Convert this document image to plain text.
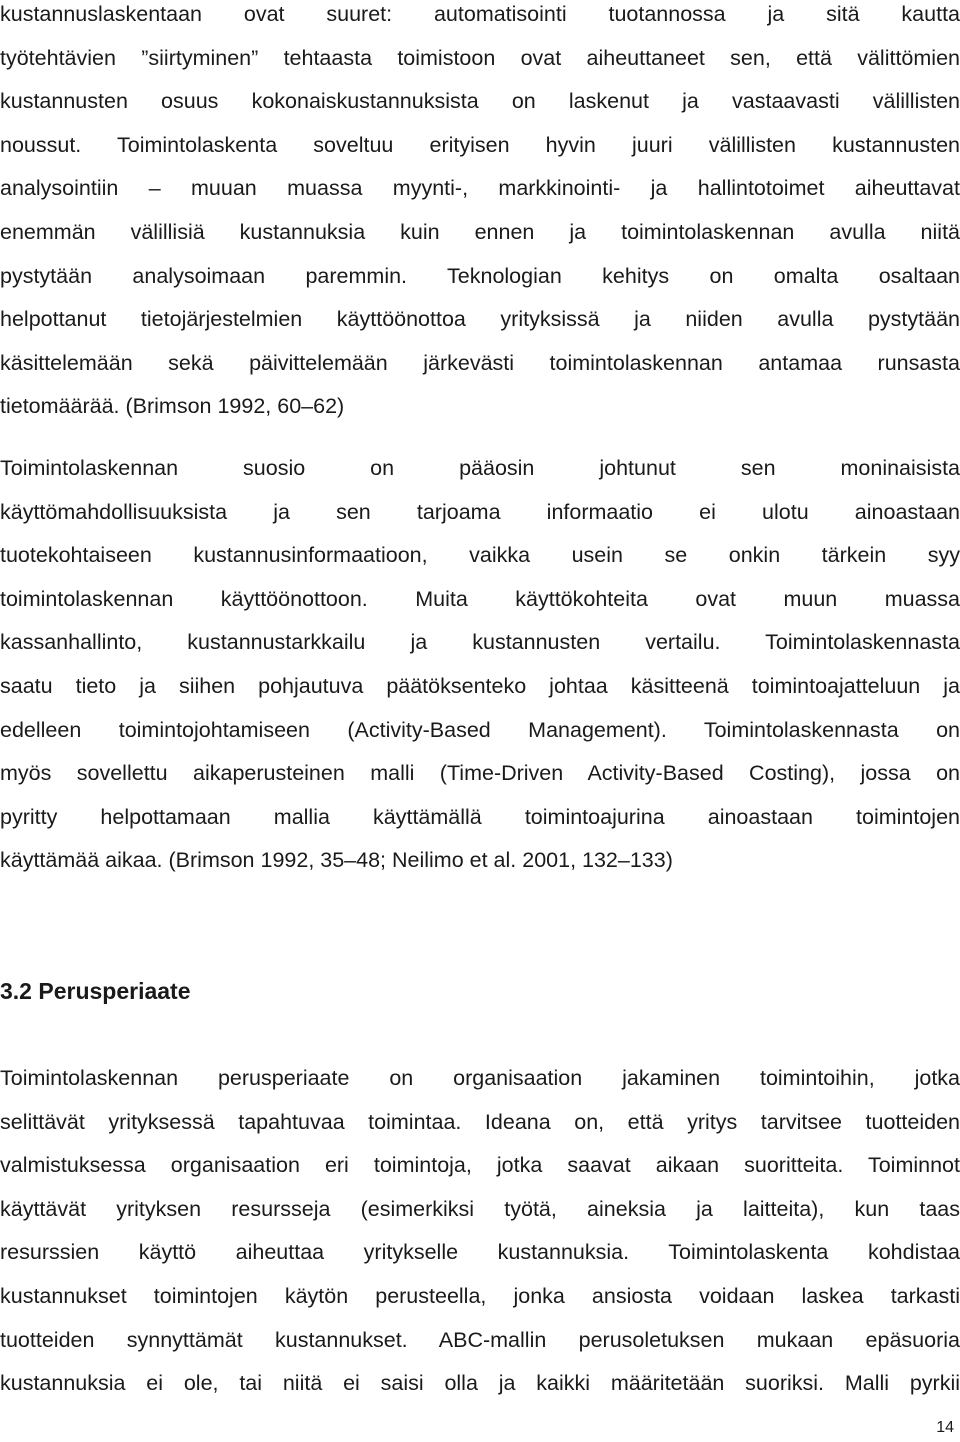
kustannuslaskentaan ovat suuret: automatisointi tuotannossa ja sitä kautta
työtehtävien ”siirtyminen” tehtaasta toimistoon ovat aiheuttaneet sen, että välittömien
kustannusten osuus kokonaiskustannuksista on laskenut ja vastaavasti välillisten
noussut. Toimintolaskenta soveltuu erityisen hyvin juuri välillisten kustannusten
analysointiin – muuan muassa myynti-, markkinointi- ja hallintotoimet aiheuttavat
enemmän välillisiä kustannuksia kuin ennen ja toimintolaskennan avulla niitä
pystytään analysoimaan paremmin. Teknologian kehitys on omalta osaltaan
helpottanut tietojärjestelmien käyttöönottoa yrityksissä ja niiden avulla pystytään
käsittelemään sekä päivittelemään järkevästi toimintolaskennan antamaa runsasta
tietomäärää. (Brimson 1992, 60–62)
Toimintolaskennan suosio on pääosin johtunut sen moninaisista
käyttömahdollisuuksista ja sen tarjoama informaatio ei ulotu ainoastaan
tuotekohtaiseen kustannusinformaatioon, vaikka usein se onkin tärkein syy
toimintolaskennan käyttöönottoon. Muita käyttökohteita ovat muun muassa
kassanhallinto, kustannustarkkailu ja kustannusten vertailu. Toimintolaskennasta
saatu tieto ja siihen pohjautuva päätöksenteko johtaa käsitteenä toimintoajatteluun ja
edelleen toimintojohtamiseen (Activity-Based Management). Toimintolaskennasta on
myös sovellettu aikaperusteinen malli (Time-Driven Activity-Based Costing), jossa on
pyritty helpottamaan mallia käyttämällä toimintoajurina ainoastaan toimintojen
käyttämää aikaa. (Brimson 1992, 35–48; Neilimo et al. 2001, 132–133)
3.2 Perusperiaate
Toimintolaskennan perusperiaate on organisaation jakaminen toimintoihin, jotka
selittävät yrityksessä tapahtuvaa toimintaa. Ideana on, että yritys tarvitsee tuotteiden
valmistuksessa organisaation eri toimintoja, jotka saavat aikaan suoritteita. Toiminnot
käyttävät yrityksen resursseja (esimerkiksi työtä, aineksia ja laitteita), kun taas
resurssien käyttö aiheuttaa yritykselle kustannuksia. Toimintolaskenta kohdistaa
kustannukset toimintojen käytön perusteella, jonka ansiosta voidaan laskea tarkasti
tuotteiden synnyttämät kustannukset. ABC-mallin perusoletuksen mukaan epäsuoria
kustannuksia ei ole, tai niitä ei saisi olla ja kaikki määritetään suoriksi. Malli pyrkii
14
